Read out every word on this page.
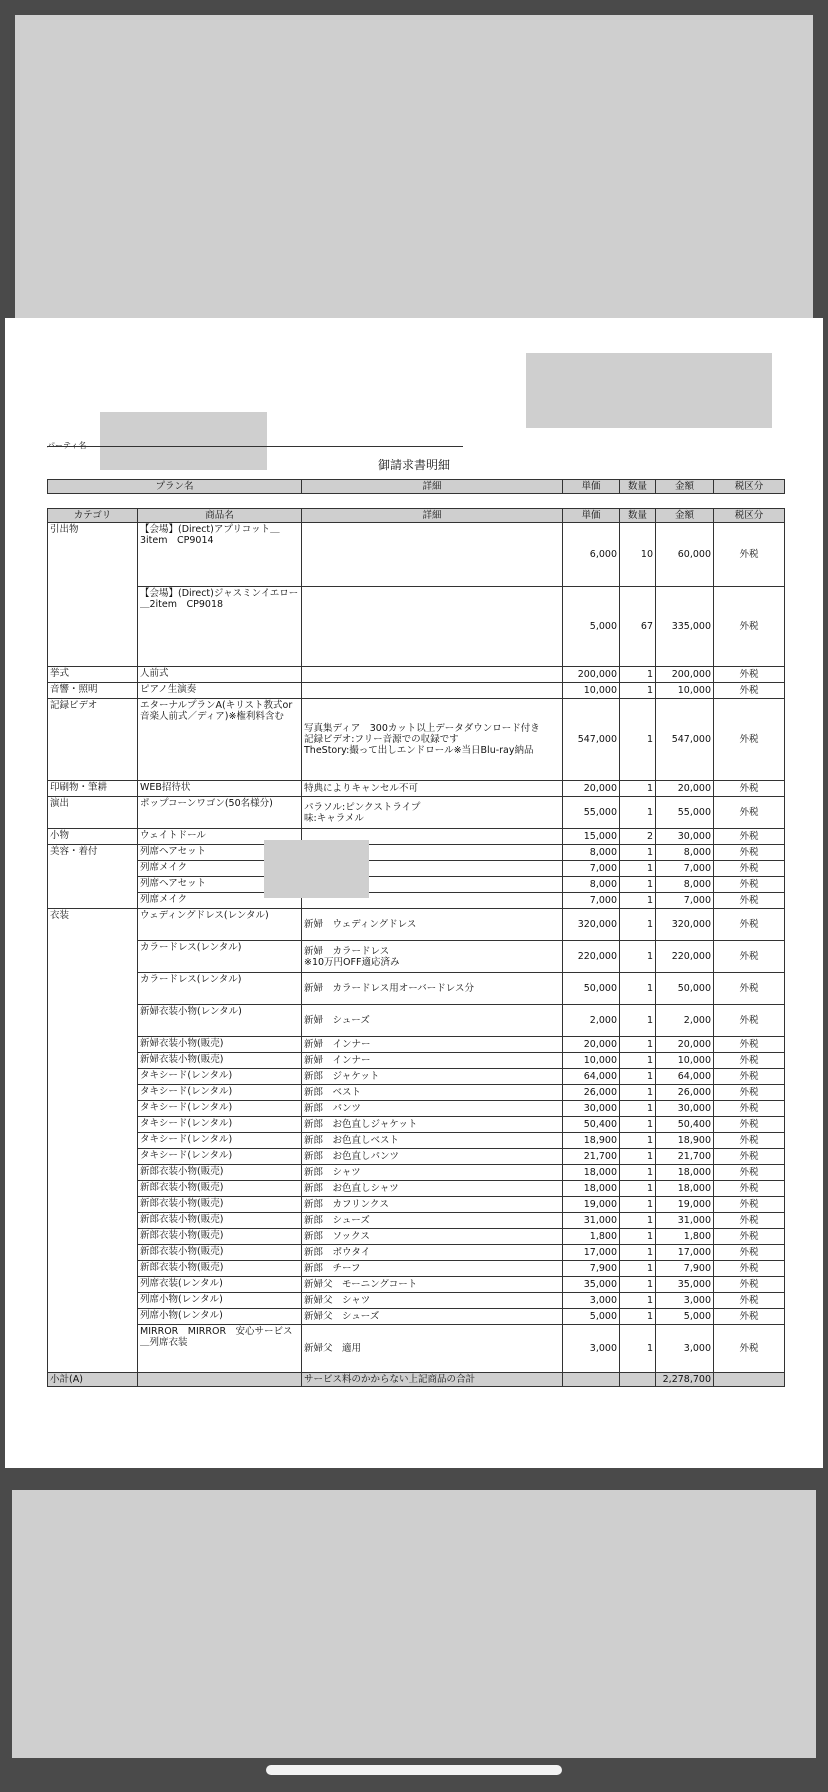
パーティ名
御請求書明細
プラン名	詳細	単価	数量	金額	税区分
カテゴリ	商品名	詳細	単価	数量	金額	税区分
引出物	【会場】(Direct)アプリコット＿3item　CP9014		6,000	10	60,000	外税
	【会場】(Direct)ジャスミンイエロー＿2item　CP9018		5,000	67	335,000	外税
挙式	人前式		200,000	1	200,000	外税
音響・照明	ピアノ生演奏		10,000	1	10,000	外税
記録ビデオ	エターナルプランA(キリスト教式or音楽人前式／ディア)※権利料含む	写真集ディア　300カット以上データダウンロード付き
記録ビデオ:フリー音源での収録です
TheStory:撮って出しエンドロール※当日Blu-ray納品	547,000	1	547,000	外税
印刷物・筆耕	WEB招待状	特典によりキャンセル不可	20,000	1	20,000	外税
演出	ポップコーンワゴン(50名様分)	パラソル:ピンクストライプ
味:キャラメル	55,000	1	55,000	外税
小物	ウェイトドール		15,000	2	30,000	外税
美容・着付	列席ヘアセット		8,000	1	8,000	外税
	列席メイク		7,000	1	7,000	外税
	列席ヘアセット		8,000	1	8,000	外税
	列席メイク		7,000	1	7,000	外税
衣装	ウェディングドレス(レンタル)	新婦　ウェディングドレス	320,000	1	320,000	外税
	カラードレス(レンタル)	新婦　カラードレス
※10万円OFF適応済み	220,000	1	220,000	外税
	カラードレス(レンタル)	新婦　カラードレス用オーバードレス分	50,000	1	50,000	外税
	新婦衣装小物(レンタル)	新婦　シューズ	2,000	1	2,000	外税
	新婦衣装小物(販売)	新婦　インナー	20,000	1	20,000	外税
	新婦衣装小物(販売)	新婦　インナー	10,000	1	10,000	外税
	タキシード(レンタル)	新郎　ジャケット	64,000	1	64,000	外税
	タキシード(レンタル)	新郎　ベスト	26,000	1	26,000	外税
	タキシード(レンタル)	新郎　パンツ	30,000	1	30,000	外税
	タキシード(レンタル)	新郎　お色直しジャケット	50,400	1	50,400	外税
	タキシード(レンタル)	新郎　お色直しベスト	18,900	1	18,900	外税
	タキシード(レンタル)	新郎　お色直しパンツ	21,700	1	21,700	外税
	新郎衣装小物(販売)	新郎　シャツ	18,000	1	18,000	外税
	新郎衣装小物(販売)	新郎　お色直しシャツ	18,000	1	18,000	外税
	新郎衣装小物(販売)	新郎　カフリンクス	19,000	1	19,000	外税
	新郎衣装小物(販売)	新郎　シューズ	31,000	1	31,000	外税
	新郎衣装小物(販売)	新郎　ソックス	1,800	1	1,800	外税
	新郎衣装小物(販売)	新郎　ボウタイ	17,000	1	17,000	外税
	新郎衣装小物(販売)	新郎　チーフ	7,900	1	7,900	外税
	列席衣装(レンタル)	新婦父　モーニングコート	35,000	1	35,000	外税
	列席小物(レンタル)	新婦父　シャツ	3,000	1	3,000	外税
	列席小物(レンタル)	新婦父　シューズ	5,000	1	5,000	外税
	MIRROR　MIRROR　安心サービス＿列席衣装	新婦父　適用	3,000	1	3,000	外税
小計(A)		サービス料のかからない上記商品の合計			2,278,700	
